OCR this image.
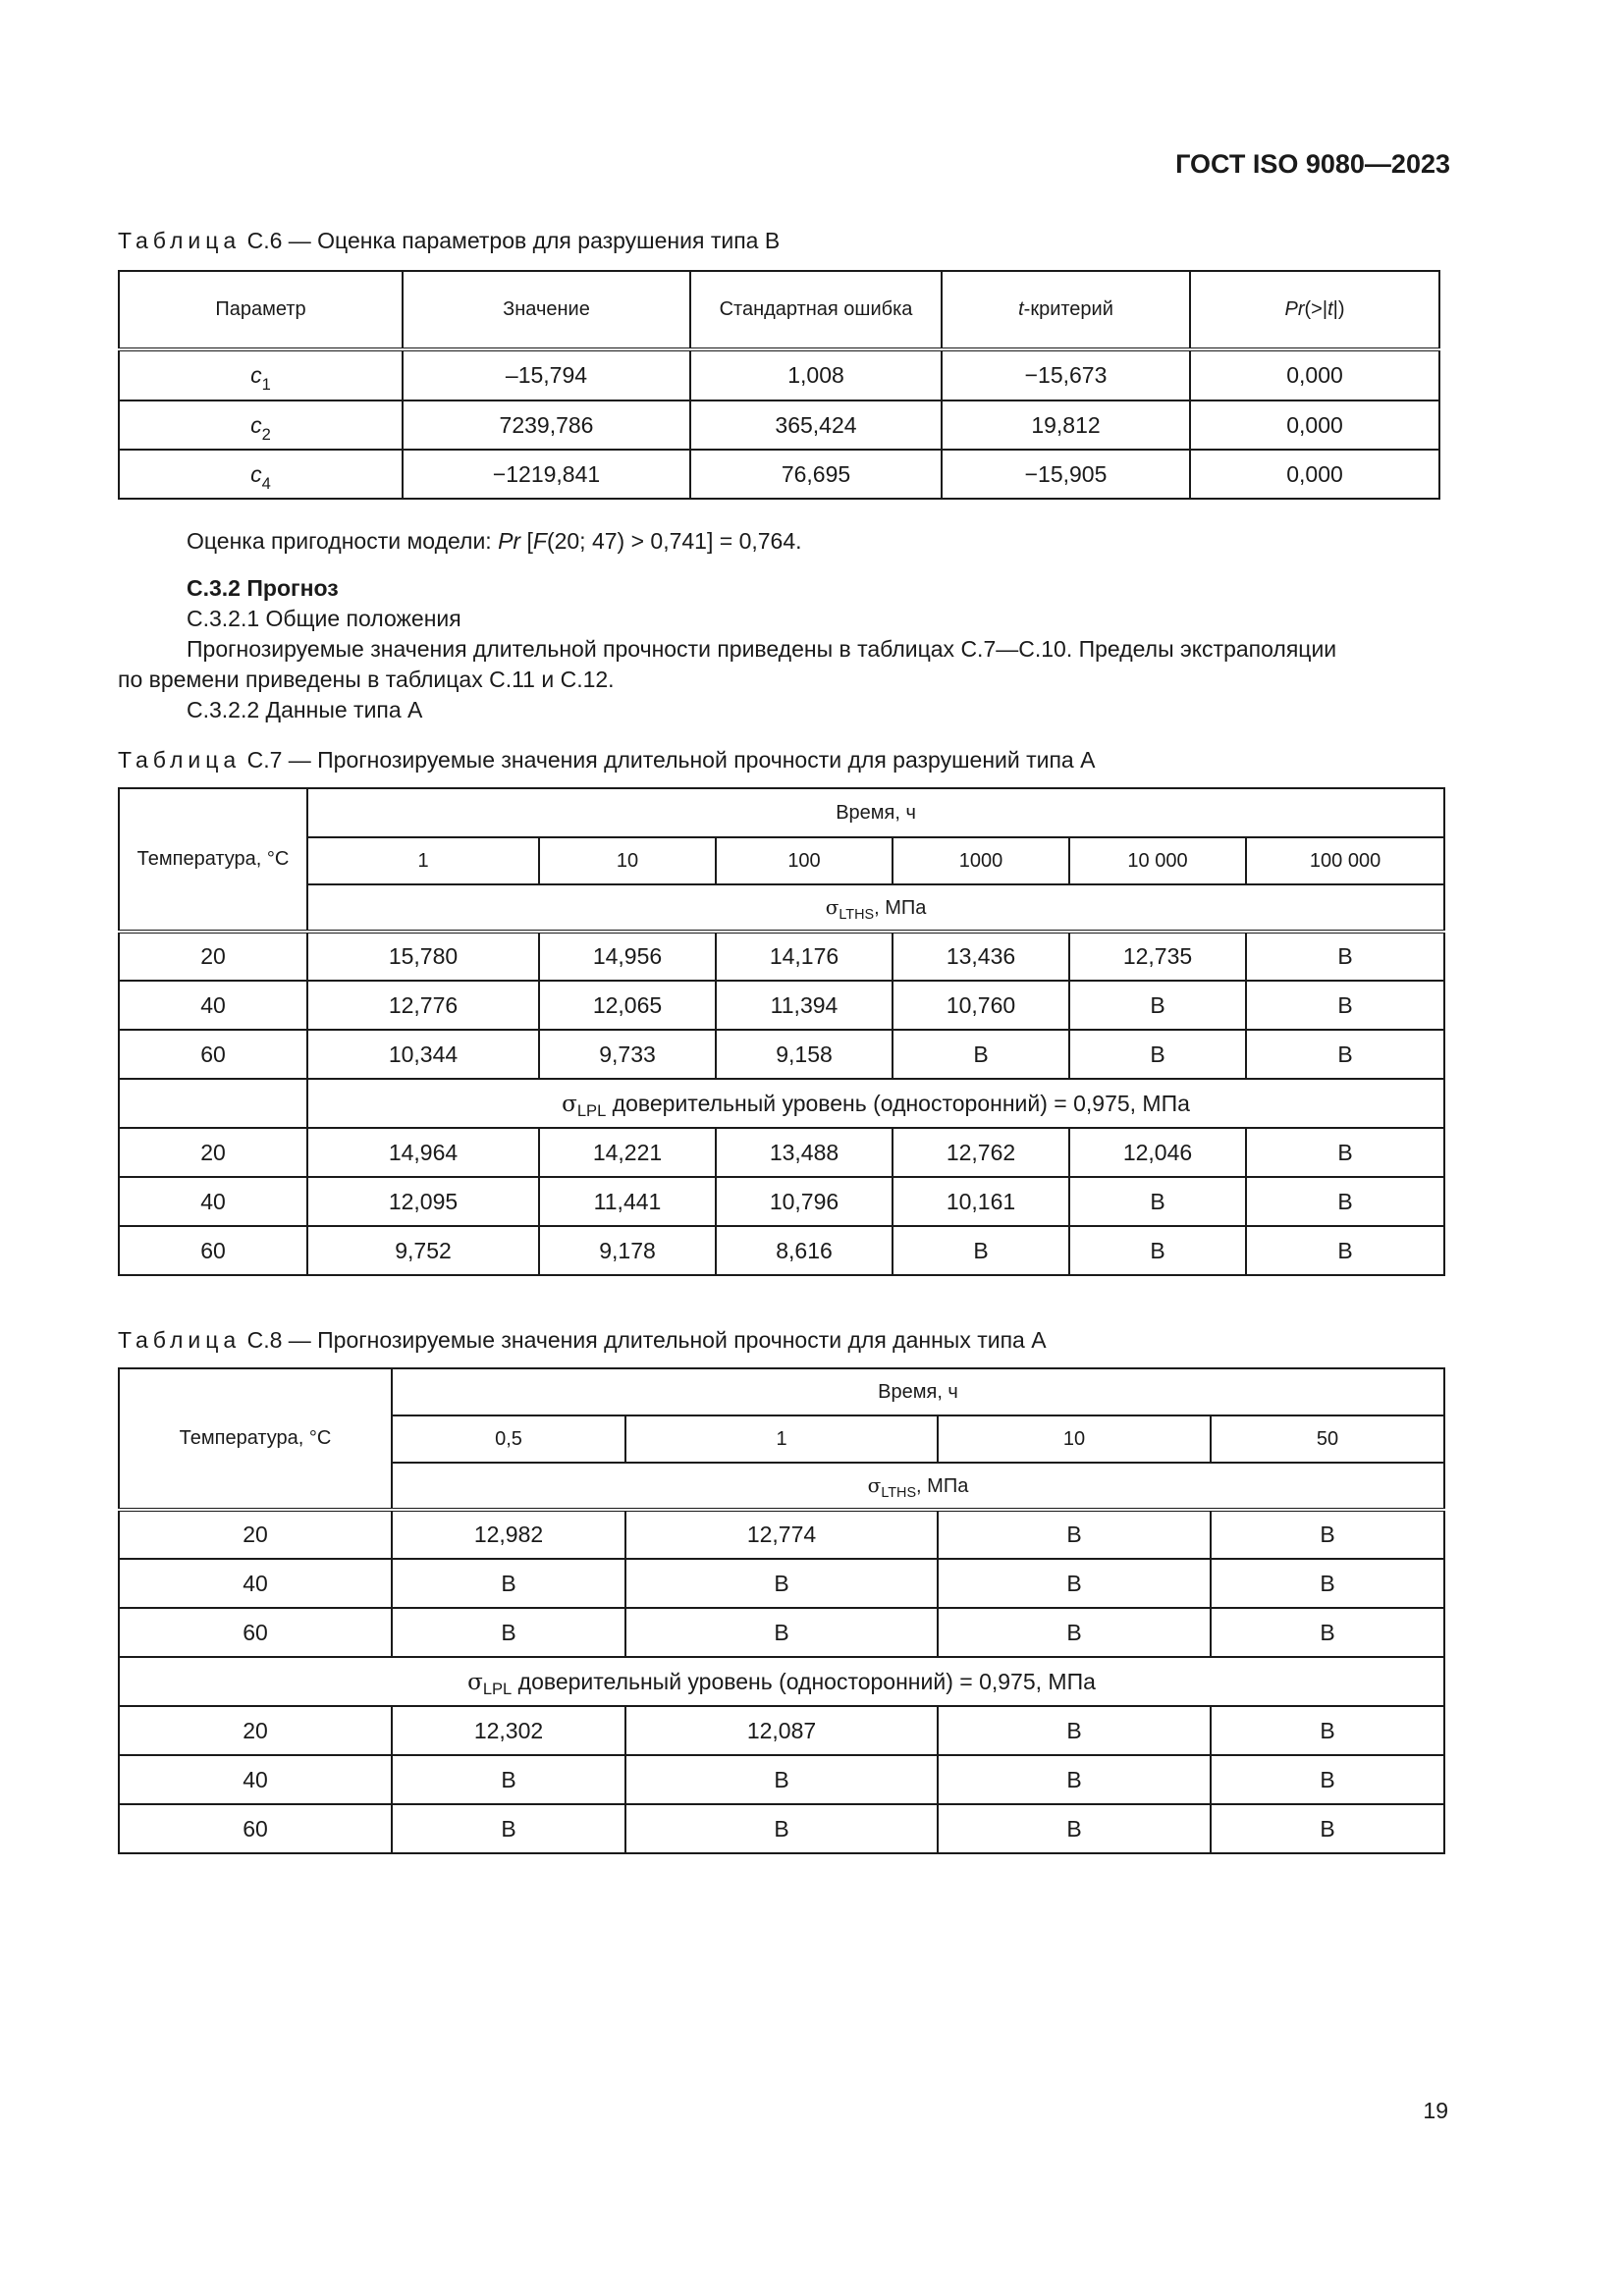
ГОСТ ISO 9080—2023
Таблица С.6 — Оценка параметров для разрушения типа В
Параметр	Значение	Стандартная ошибка	t-критерий	Pr(>|t|)
$c_1$	–15,794	1,008	−15,673	0,000
$c_2$	7239,786	365,424	19,812	0,000
$c_4$	−1219,841	76,695	−15,905	0,000
Оценка пригодности модели: Pr [F(20; 47) > 0,741] = 0,764.
С.3.2 Прогноз
С.3.2.1 Общие положения
Прогнозируемые значения длительной прочности приведены в таблицах С.7—С.10. Пределы экстраполяции
по времени приведены в таблицах С.11 и С.12.
С.3.2.2 Данные типа А
Таблица С.7 — Прогнозируемые значения длительной прочности для разрушений типа А
Температура, °С	Время, ч					
	1	10	100	1000	10 000	100 000
	$\sigma_{LTHS}$, МПа					
20	15,780	14,956	14,176	13,436	12,735	В
40	12,776	12,065	11,394	10,760	В	В
60	10,344	9,733	9,158	В	В	В
	$\sigma_{LPL}$ доверительный уровень (односторонний) = 0,975, МПа					
20	14,964	14,221	13,488	12,762	12,046	В
40	12,095	11,441	10,796	10,161	В	В
60	9,752	9,178	8,616	В	В	В
Таблица С.8 — Прогнозируемые значения длительной прочности для данных типа А
Температура, °С	Время, ч			
	0,5	1	10	50
	$\sigma_{LTHS}$, МПа			
20	12,982	12,774	В	В
40	В	В	В	В
60	В	В	В	В
$\sigma_{LPL}$ доверительный уровень (односторонний) = 0,975, МПа				
20	12,302	12,087	В	В
40	В	В	В	В
60	В	В	В	В
19
